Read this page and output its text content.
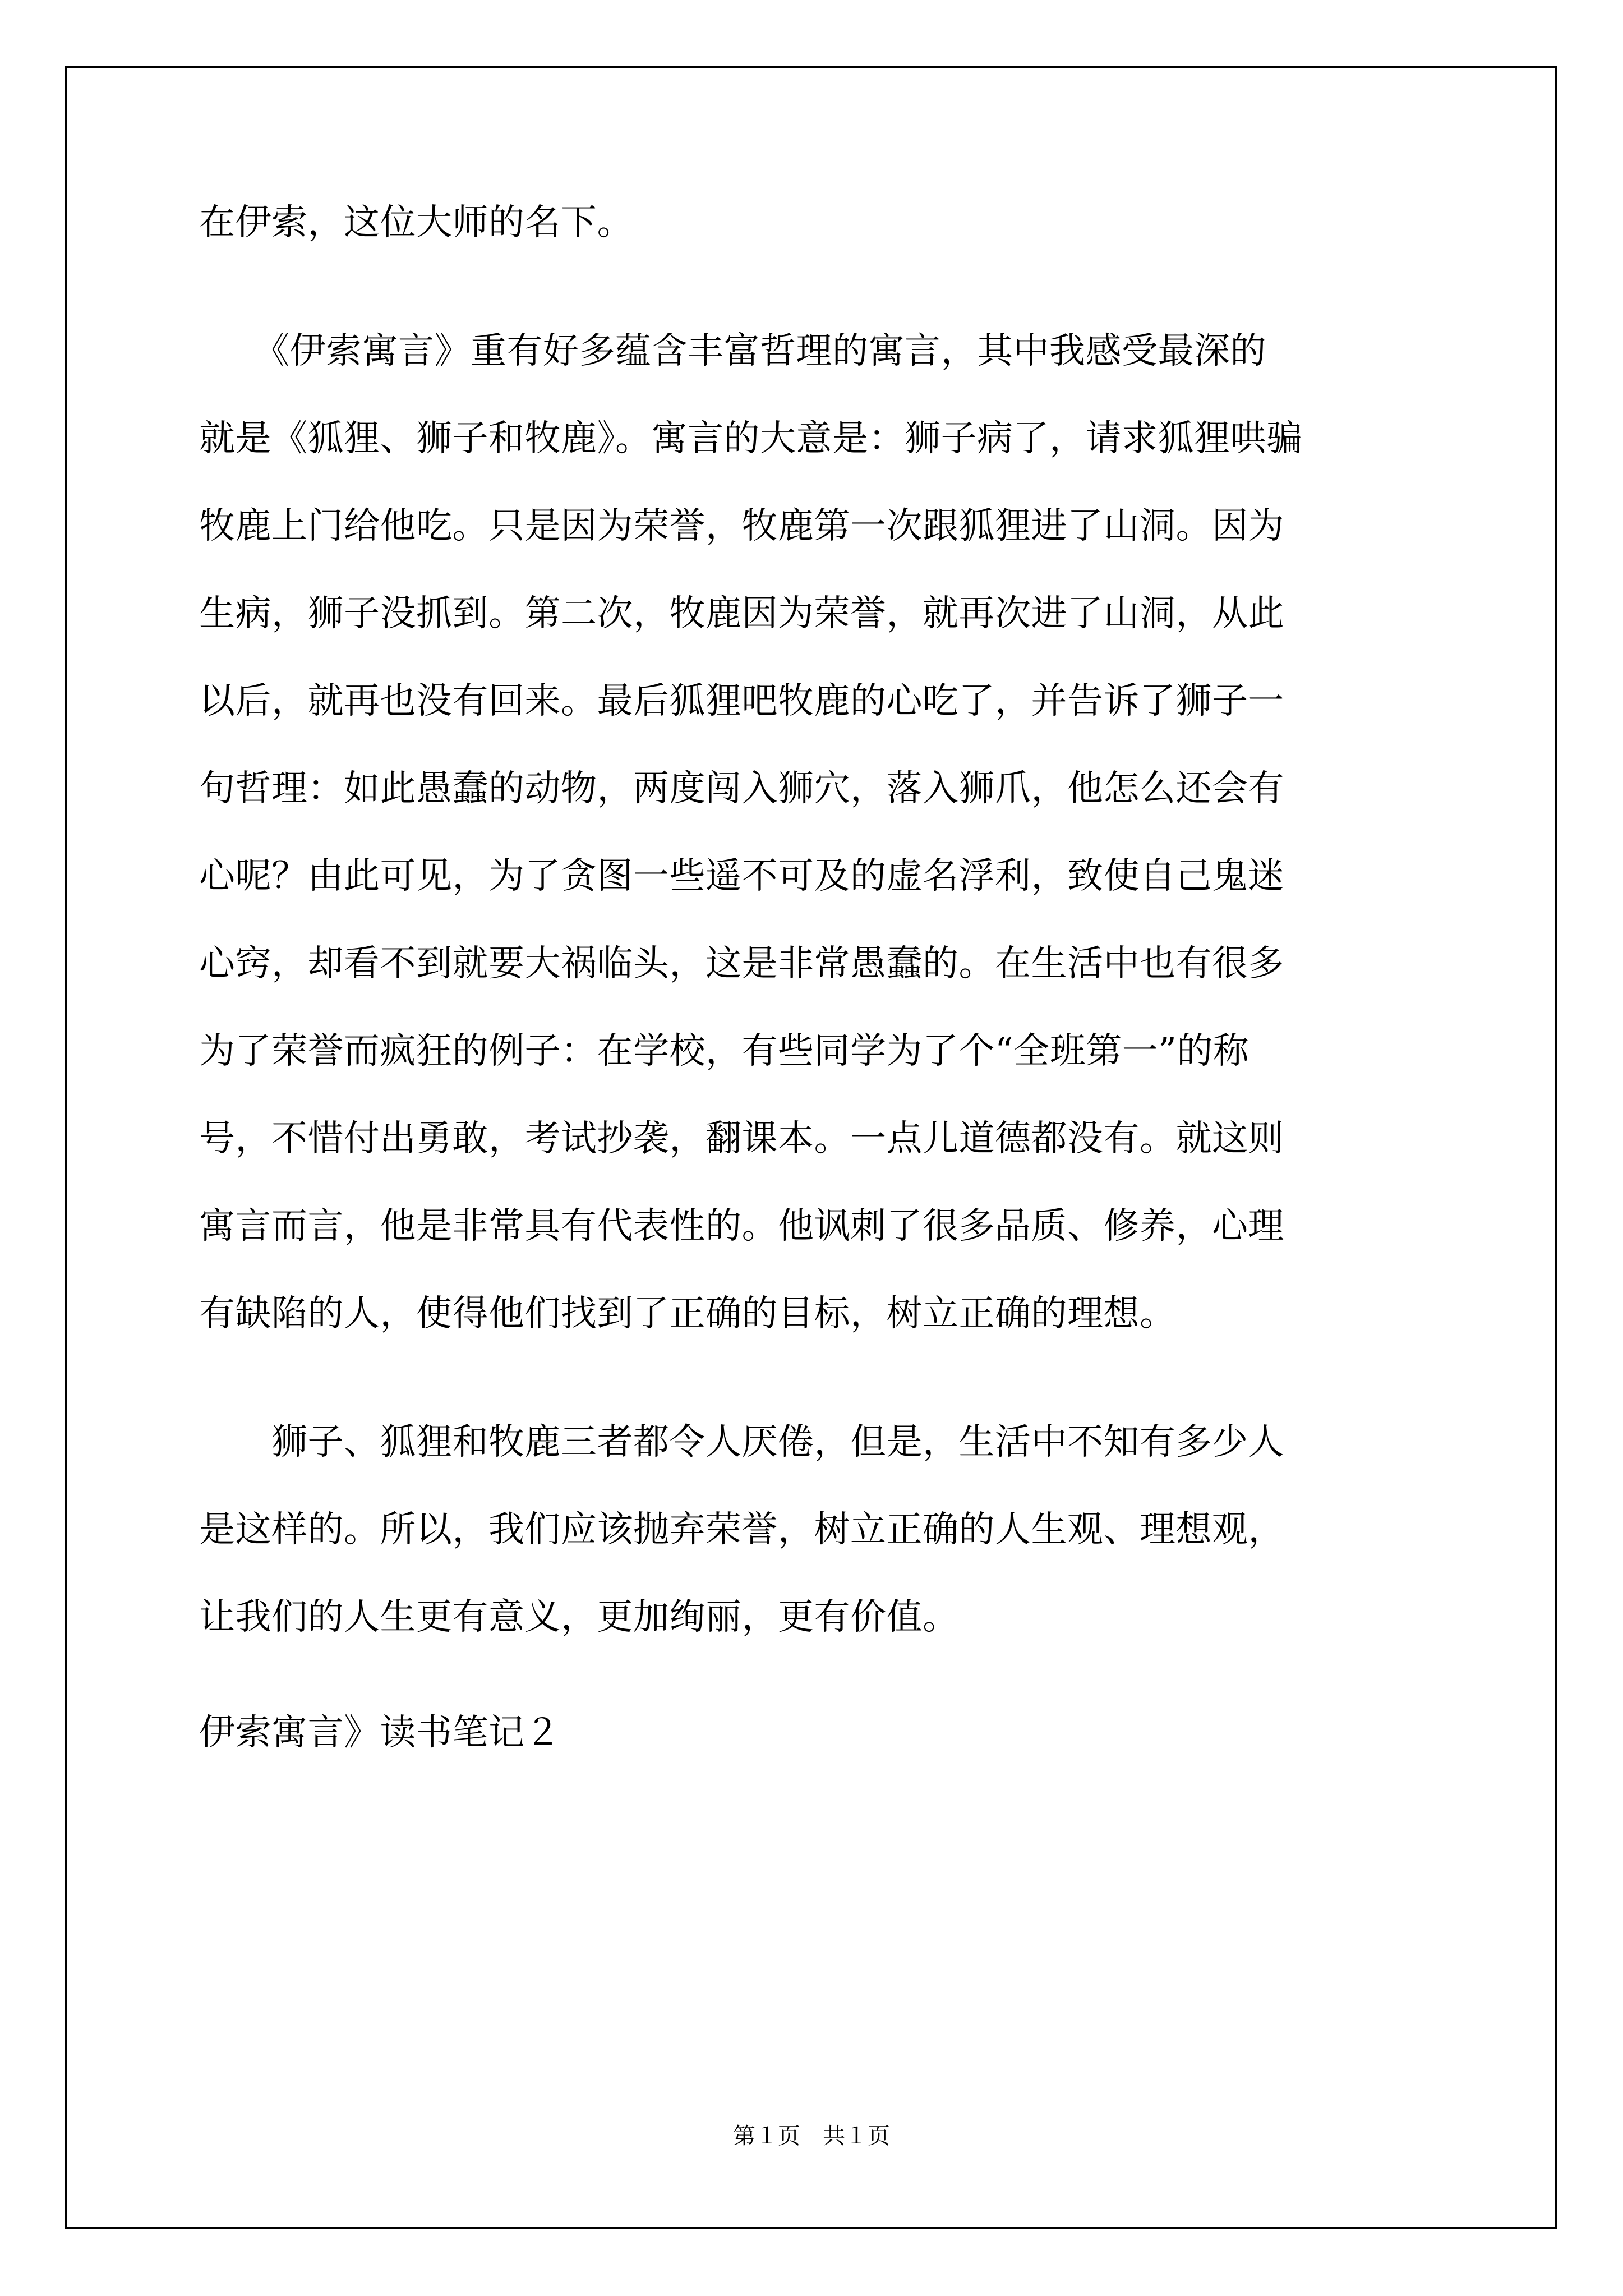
在伊索，这位大师的名下。
　　《伊索寓言》重有好多蕴含丰富哲理的寓言，其中我感受最深的
就是《狐狸、狮子和牧鹿》。寓言的大意是：狮子病了，请求狐狸哄骗
牧鹿上门给他吃。只是因为荣誉，牧鹿第一次跟狐狸进了山洞。因为
生病，狮子没抓到。第二次，牧鹿因为荣誉，就再次进了山洞，从此
以后，就再也没有回来。最后狐狸吧牧鹿的心吃了，并告诉了狮子一
句哲理：如此愚蠢的动物，两度闯入狮穴，落入狮爪，他怎么还会有
心呢？由此可见，为了贪图一些遥不可及的虚名浮利，致使自己鬼迷
心窍，却看不到就要大祸临头，这是非常愚蠢的。在生活中也有很多
为了荣誉而疯狂的例子：在学校，有些同学为了个“全班第一”的称
号，不惜付出勇敢，考试抄袭，翻课本。一点儿道德都没有。就这则
寓言而言，他是非常具有代表性的。他讽刺了很多品质、修养，心理
有缺陷的人，使得他们找到了正确的目标，树立正确的理想。
　　狮子、狐狸和牧鹿三者都令人厌倦，但是，生活中不知有多少人
是这样的。所以，我们应该抛弃荣誉，树立正确的人生观、理想观，
让我们的人生更有意义，更加绚丽，更有价值。
伊索寓言》读书笔记２
第１页　共１页
